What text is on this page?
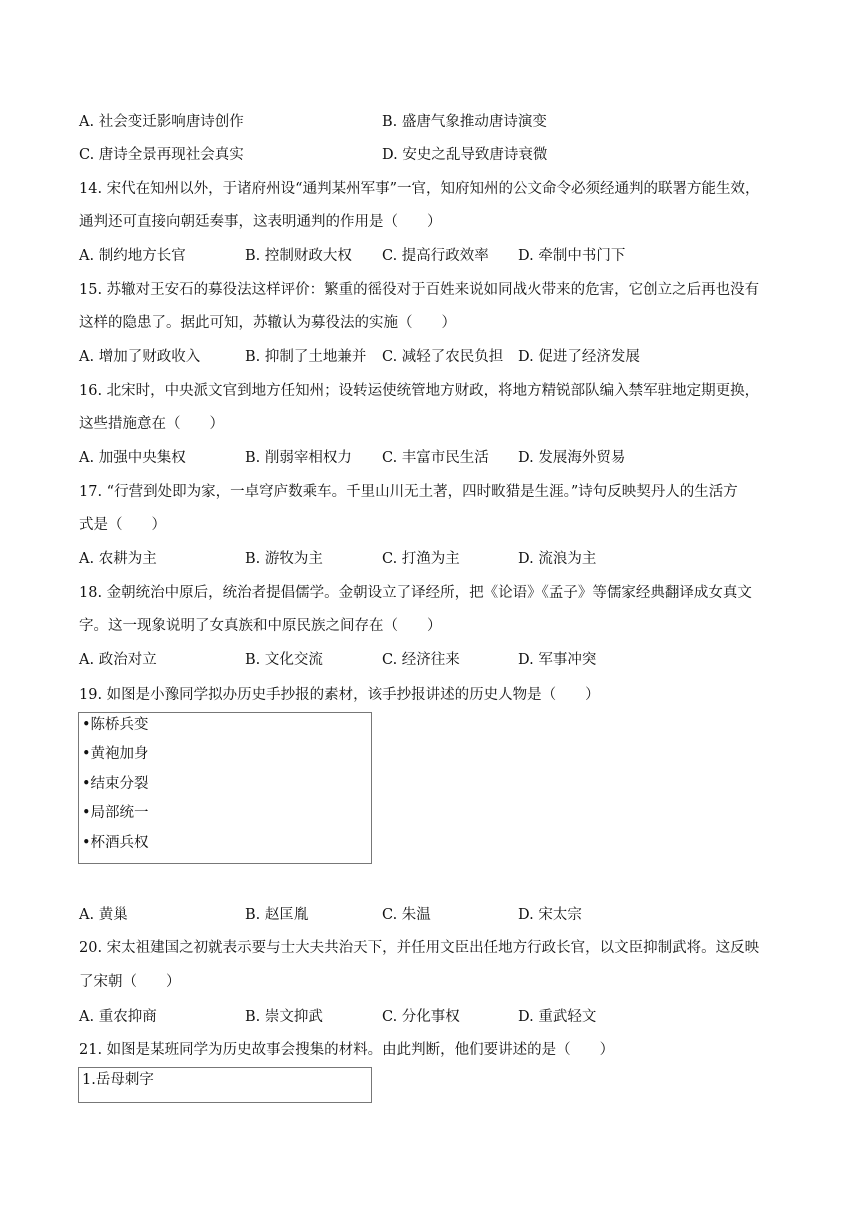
A. 社会变迁影响唐诗创作	B. 盛唐气象推动唐诗演变
C. 唐诗全景再现社会真实	D. 安史之乱导致唐诗衰微
14. 宋代在知州以外，于诸府州设“通判某州军事”一官，知府知州的公文命令必须经通判的联署方能生效，
通判还可直接向朝廷奏事，这表明通判的作用是（　　）
A. 制约地方长官	B. 控制财政大权 C. 提高行政效率 D. 牵制中书门下
15. 苏辙对王安石的募役法这样评价：繁重的徭役对于百姓来说如同战火带来的危害，它创立之后再也没有
这样的隐患了。据此可知，苏辙认为募役法的实施（　　）
A. 增加了财政收入	B. 抑制了土地兼并 C. 减轻了农民负担 D. 促进了经济发展
16. 北宋时，中央派文官到地方任知州；设转运使统管地方财政，将地方精锐部队编入禁军驻地定期更换，
这些措施意在（　　）
A. 加强中央集权	B. 削弱宰相权力 C. 丰富市民生活 D. 发展海外贸易
17. “行营到处即为家，一卓穹庐数乘车。千里山川无土著，四时畋猎是生涯。”诗句反映契丹人的生活方
式是（　　）
A. 农耕为主	B. 游牧为主	C. 打渔为主	D. 流浪为主
18. 金朝统治中原后，统治者提倡儒学。金朝设立了译经所，把《论语》《孟子》等儒家经典翻译成女真文
字。这一现象说明了女真族和中原民族之间存在（　　）
A. 政治对立	B. 文化交流	C. 经济往来	D. 军事冲突
19. 如图是小豫同学拟办历史手抄报的素材，该手抄报讲述的历史人物是（　　）
•陈桥兵变
•黄袍加身
•结束分裂
•局部统一
•杯酒兵权
A. 黄巢	B. 赵匡胤	C. 朱温	D. 宋太宗
20. 宋太祖建国之初就表示要与士大夫共治天下，并任用文臣出任地方行政长官，以文臣抑制武将。这反映
了宋朝（　　）
A. 重农抑商	B. 崇文抑武	C. 分化事权	D. 重武轻文
21. 如图是某班同学为历史故事会搜集的材料。由此判断，他们要讲述的是（　　）
1.岳母刺字
